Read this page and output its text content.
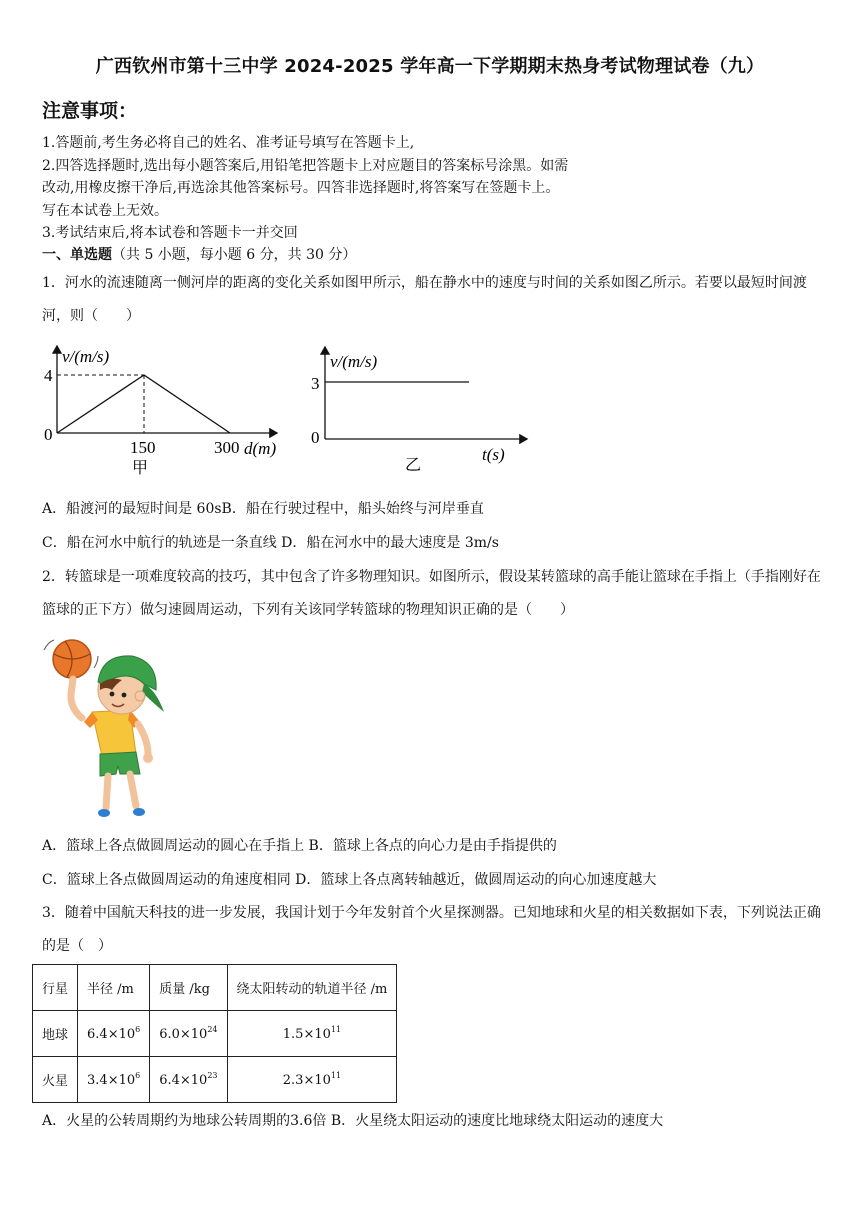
广西钦州市第十三中学 2024-2025 学年高一下学期期末热身考试物理试卷（九）
注意事项：
1.答题前,考生务必将自己的姓名、准考证号填写在答题卡上,
2.四答选择题时,选出每小题答案后,用铅笔把答题卡上对应题目的答案标号涂黑。如需
改动,用橡皮擦干净后,再选涂其他答案标号。四答非选择题时,将答案写在签题卡上。
写在本试卷上无效。
3.考试结束后,将本试卷和答题卡一并交回
一、单选题（共 5 小题，每小题 6 分，共 30 分）
1．河水的流速随离一侧河岸的距离的变化关系如图甲所示，船在静水中的速度与时间的关系如图乙所示。若要以最短时间渡河，则（　　）
v/(m/s)
4
0
150	300 d(m)
甲
v/(m/s)
3
0
t(s)
乙
A．船渡河的最短时间是 60sB．船在行驶过程中，船头始终与河岸垂直
C．船在河水中航行的轨迹是一条直线 D．船在河水中的最大速度是 3m/s
2．转篮球是一项难度较高的技巧，其中包含了许多物理知识。如图所示，假设某转篮球的高手能让篮球在手指上（手指刚好在篮球的正下方）做匀速圆周运动，下列有关该同学转篮球的物理知识正确的是（　　）
A．篮球上各点做圆周运动的圆心在手指上 B．篮球上各点的向心力是由手指提供的
C．篮球上各点做圆周运动的角速度相同 D．篮球上各点离转轴越近，做圆周运动的向心加速度越大
3．随着中国航天科技的进一步发展，我国计划于今年发射首个火星探测器。已知地球和火星的相关数据如下表，下列说法正确的是（　）
行星	半径 /m	质量 /kg	绕太阳转动的轨道半径 /m
地球	$6.4\times 10^6$	$6.0\times 10^{24}$	$1.5\times 10^{11}$
火星	$3.4\times 10^6$	$6.4\times 10^{23}$	$2.3\times 10^{11}$
A．火星的公转周期约为地球公转周期的3.6倍 B．火星绕太阳运动的速度比地球绕太阳运动的速度大
